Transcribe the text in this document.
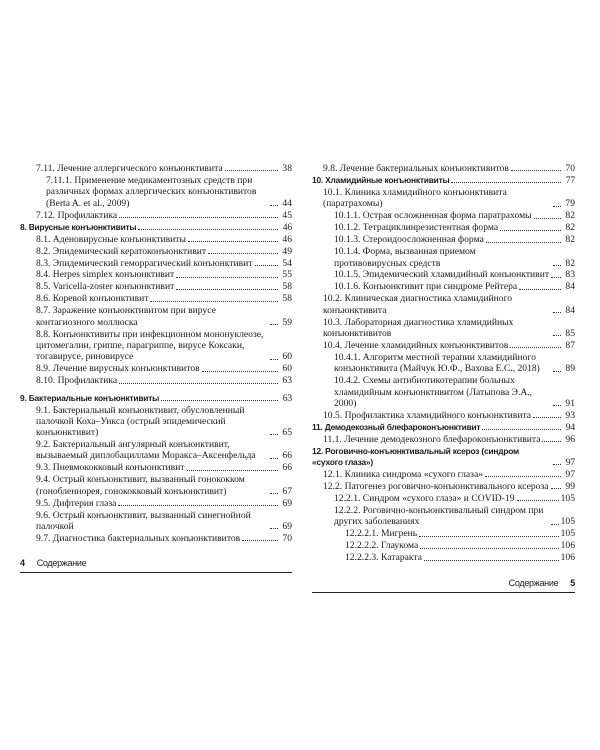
7.11. Лечение аллергического конъюнктивита	38
7.11.1. Применение медикаментозных средств при различных формах аллергических конъюнктивитов (Berta A. et al., 2009)	44
7.12. Профилактика	45
8. Вирусные конъюнктивиты	46
8.1. Аденовирусные конъюнктивиты	46
8.2. Эпидемический кератоконъюнктивит	49
8.3. Эпидемический геморрагический конъюнктивит	54
8.4. Herpes simplex конъюнктивит	55
8.5. Varicella-zoster конъюнктивит	58
8.6. Коревой конъюнктивит	58
8.7. Заражение конъюнктивитом при вирусе контагиозного моллюска	59
8.8. Конъюнктивиты при инфекционном мононуклеозе, цитомегалии, гриппе, парагриппе, вирусе Коксаки, тогавирусе, риновирусе	60
8.9. Лечение вирусных конъюнктивитов	60
8.10. Профилактика	63
9. Бактериальные конъюнктивиты	63
9.1. Бактериальный конъюнктивит, обусловленный палочкой Коха–Уикса (острый эпидемический конъюнктивит)	65
9.2. Бактериальный ангулярный конъюнктивит, вызываемый диплобациллами Моракса–Аксенфельда	66
9.3. Пневмококковый конъюнктивит	66
9.4. Острый конъюнктивит, вызванный гонококком (гонобленнорея, гонококковый конъюнктивит)	67
9.5. Дифтерия глаза	69
9.6. Острый конъюнктивит, вызванный синегнойной палочкой	69
9.7. Диагностика бактериальных конъюнктивитов	70
4 Содержание
9.8. Лечение бактериальных конъюнктивитов	70
10. Хламидийные конъюнктивиты	77
10.1. Клиника хламидийного конъюнктивита (паратрахомы)	79
10.1.1. Острая осложненная форма паратрахомы	82
10.1.2. Тетрациклинрезистентная форма	82
10.1.3. Стероидоосложненная форма	82
10.1.4. Форма, вызванная приемом противовирусных средств	82
10.1.5. Эпидемический хламидийный конъюнктивит 83
10.1.6. Конъюнктивит при синдроме Рейтера	84
10.2. Клиническая диагностика хламидийного конъюнктивита	84
10.3. Лабораторная диагностика хламидийных конъюнктивитов	85
10.4. Лечение хламидийных конъюнктивитов	87
10.4.1. Алгоритм местной терапии хламидийного конъюнктивита (Майчук Ю.Ф., Вахова Е.С., 2018)	89
10.4.2. Схемы антибиотикотерапии больных хламидийным конъюнктивитом (Латыпова Э.А., 2000)	91
10.5. Профилактика хламидийного конъюнктивита	93
11. Демодекозный блефароконъюнктивит	94
11.1. Лечение демодекозного блефароконъюнктивита	96
12. Роговично-конъюнктивальный ксероз (синдром «сухого глаза»)	97
12.1. Клиника синдрома «сухого глаза»	97
12.2. Патогенез роговично-конъюнктивального ксероза 99
12.2.1. Синдром «сухого глаза» и COVID-19	105
12.2.2. Роговично-конъюнктивальный синдром при других заболеваниях	105
12.2.2.1. Мигрень	105
12.2.2.2. Глаукома	106
12.2.2.3. Катаракта	106
Содержание 5
